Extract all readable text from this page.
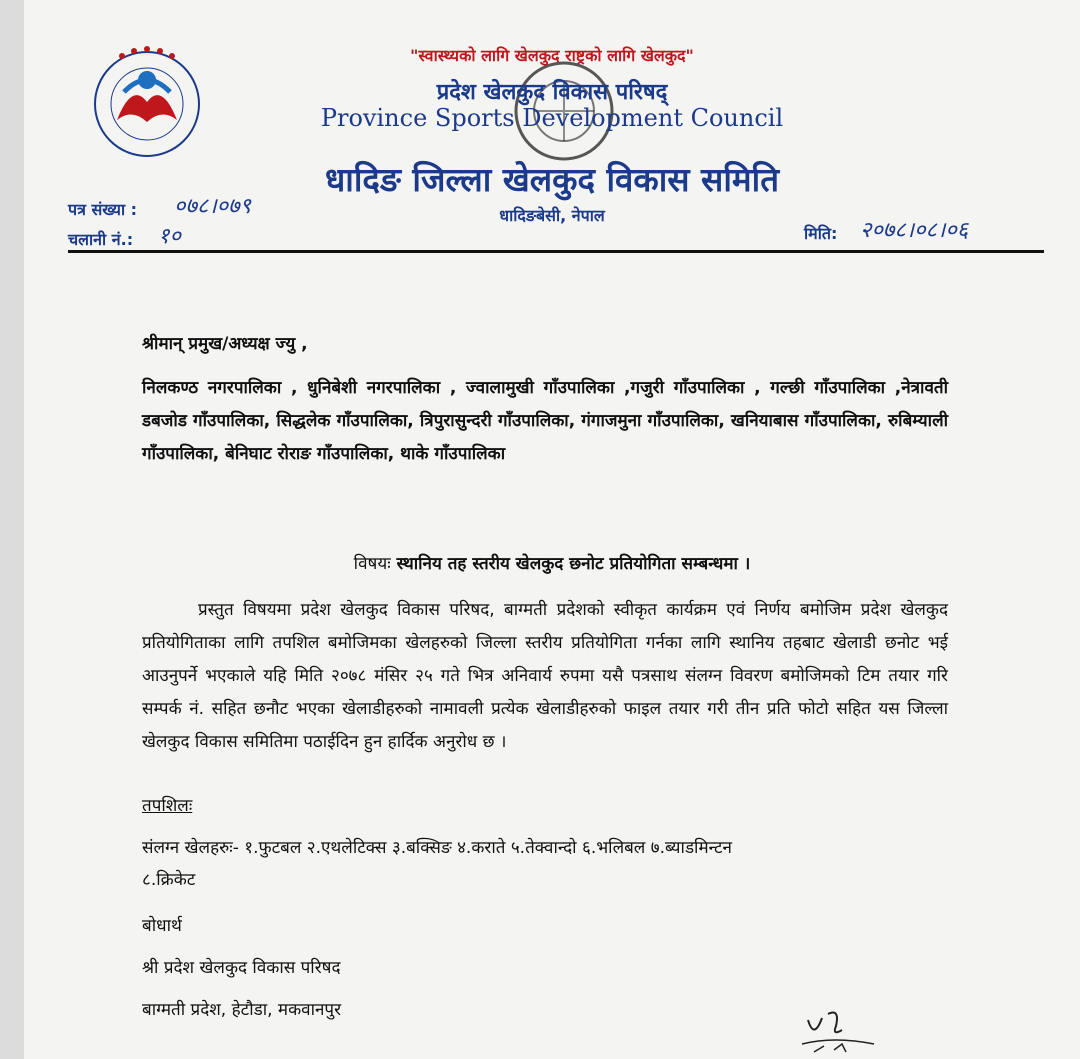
"स्वास्थ्यको लागि खेलकुद राष्ट्रको लागि खेलकुद"
प्रदेश खेलकुद विकास परिषद्
Province Sports Development Council
धादिङ जिल्ला खेलकुद विकास समिति
धादिङबेसी, नेपाल
पत्र संख्या : ०७८।०७९
चलानी नं.: १०	मिति: २०७८।०८।०६
श्रीमान् प्रमुख/अध्यक्ष ज्यु ,
निलकण्ठ नगरपालिका , धुनिबेशी नगरपालिका , ज्वालामुखी गाँउपालिका ,गजुरी गाँउपालिका , गल्छी गाँउपालिका ,नेत्रावती डबजोड गाँउपालिका, सिद्धलेक गाँउपालिका, त्रिपुरासुन्दरी गाँउपालिका, गंगाजमुना गाँउपालिका, खनियाबास गाँउपालिका, रुबिम्याली गाँउपालिका, बेनिघाट रोराङ गाँउपालिका, थाके गाँउपालिका
विषयः स्थानिय तह स्तरीय खेलकुद छनोट प्रतियोगिता सम्बन्धमा ।
प्रस्तुत विषयमा प्रदेश खेलकुद विकास परिषद, बाग्मती प्रदेशको स्वीकृत कार्यक्रम एवं निर्णय बमोजिम प्रदेश खेलकुद प्रतियोगिताका लागि तपशिल बमोजिमका खेलहरुको जिल्ला स्तरीय प्रतियोगिता गर्नका लागि स्थानिय तहबाट खेलाडी छनोट भई आउनुपर्ने भएकाले यहि मिति २०७८ मंसिर २५ गते भित्र अनिवार्य रुपमा यसै पत्रसाथ संलग्न विवरण बमोजिमको टिम तयार गरि सम्पर्क नं. सहित छनौट भएका खेलाडीहरुको नामावली प्रत्येक खेलाडीहरुको फाइल तयार गरी तीन प्रति फोटो सहित यस जिल्ला खेलकुद विकास समितिमा पठाईदिन हुन हार्दिक अनुरोध छ ।
तपशिलः
संलग्न खेलहरुः- १.फुटबल २.एथलेटिक्स ३.बक्सिङ ४.कराते ५.तेक्वान्दो ६.भलिबल ७.ब्याडमिन्टन
८.क्रिकेट
बोधार्थ
श्री प्रदेश खेलकुद विकास परिषद
बाग्मती प्रदेश, हेटौडा, मकवानपुर
